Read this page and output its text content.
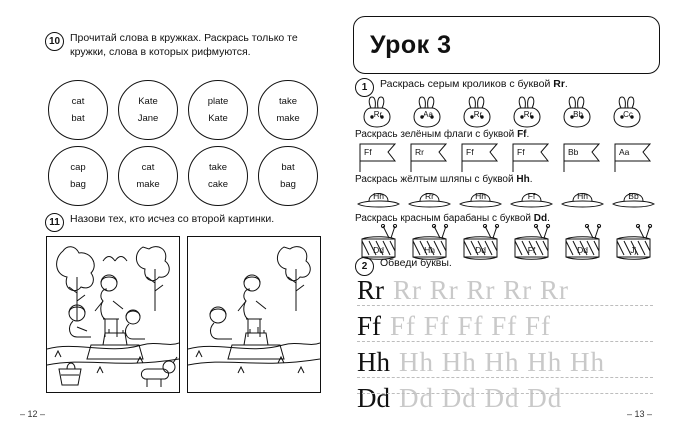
10 Прочитай слова в кружках. Раскрась только те кружки, слова в которых рифмуются.
cat
bat
Kate
Jane
plate
Kate
take
make
cap
bag
cat
make
take
cake
bat
bag
11 Назови тех, кто исчез со второй картинки.
– 12 –
Урок 3
1	Раскрась серым кроликов с буквой Rr.
Rr	Aa	Rr	Rr	Bb	Cc
Раскрась зелёным флаги с буквой Ff.
Ff	Rr	Ff	Ff	Bb	Aa
Раскрась жёлтым шляпы с буквой Hh.
Hh	Rr	Hh	Ff	Hh	Bb
Раскрась красным барабаны с буквой Dd.
Dd	Hh	Dd	Ff	Dd	Jj
2	Обведи буквы.
Rr Rr Rr Rr Rr Rr
Ff Ff Ff Ff Ff Ff
Hh Hh Hh Hh Hh Hh
Dd Dd Dd Dd Dd
– 13 –
